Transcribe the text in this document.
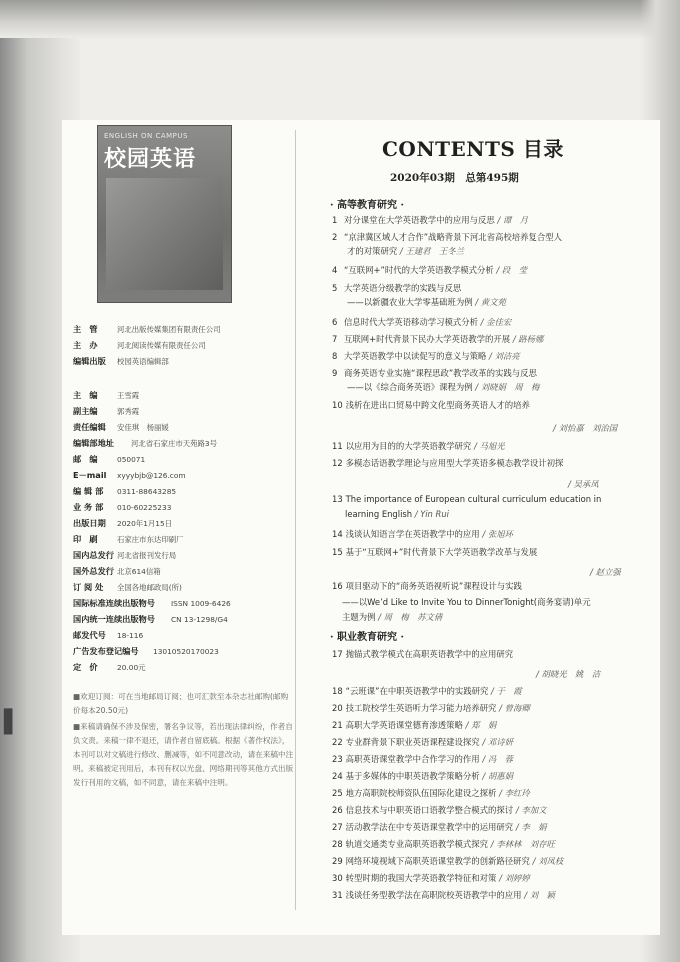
▌
ENGLISH ON CAMPUS
校园英语
主　管	河北出版传媒集团有限责任公司
主　办	河北阅读传媒有限责任公司
编辑出版 校园英语编辑部
主　编	王雪霞
副主编	郭秀霞
责任编辑 安佳琪　杨丽媛
编辑部地址 河北省石家庄市天苑路3号
邮　编	050071
E－mail xyyybjb@126.com
编 辑 部 0311-88643285
业 务 部 010-60225233
出版日期 2020年1月15日
印　刷	石家庄市东达印刷厂
国内总发行 河北省报刊发行局
国外总发行 北京614信箱
订 阅 处 全国各地邮政局(所)
国际标准连续出版物号 ISSN 1009-6426
国内统一连续出版物号 CN 13-1298/G4
邮发代号 18-116
广告发布登记编号 13010520170023
定　价	20.00元

■欢迎订阅：可在当地邮局订阅；也可汇款至本杂志社邮购(邮购价每本20.50元)

■来稿请确保不涉及保密，署名争议等，若出现法律纠纷，作者自负文责。来稿一律不退还，请作者自留底稿。根据《著作权法》，本刊可以对文稿进行修改、删减等，如不同意改动，请在来稿中注明。来稿被定刊用后，本刊有权以光盘、网络期刊等其他方式出版发行刊用的文稿，如不同意，请在来稿中注明。

CONTENTS 目录
2020年03期　总第495期
· 高等教育研究 ·
1 对分课堂在大学英语教学中的应用与反思 / 谭　月
2 “京津冀区域人才合作”战略背景下河北省高校培养复合型人
才的对策研究 / 王建君　王冬兰
4 “互联网+”时代的大学英语教学模式分析 / 段　莹
5 大学英语分级教学的实践与反思
——以新疆农业大学零基础班为例 / 黄文苑
6 信息时代大学英语移动学习模式分析 / 金佳宏
7 互联网+时代背景下民办大学英语教学的开展 / 路杨娜
8 大学英语教学中以读促写的意义与策略 / 刘洁亮
9 商务英语专业实施“课程思政”教学改革的实践与反思
——以《综合商务英语》课程为例 / 刘晓娟　周　梅
10 浅析在进出口贸易中跨文化型商务英语人才的培养
/ 刘怡嘉　刘治国
11 以应用为目的的大学英语教学研究 / 马旭光
12 多模态话语教学理论与应用型大学英语多模态教学设计初探
/ 吴承凤
13 The importance of European cultural curriculum education in
learning English / Yin Rui
14 浅谈认知语言学在英语教学中的应用 / 张旭环
15 基于“互联网+”时代背景下大学英语教学改革与发展
/ 赵立强
16 项目驱动下的“商务英语视听说”课程设计与实践
——以We’d Like to Invite You to DinnerTonight(商务宴请)单元
主题为例 / 周　梅　苏文倩
· 职业教育研究 ·
17 抛锚式教学模式在高职英语教学中的应用研究
/ 胡晓光　姚　洁
18 “云班课”在中职英语教学中的实践研究 / 于　霞
20 技工院校学生英语听力学习能力培养研究 / 曾海卿
21 高职大学英语课堂德育渗透策略 / 郑　娟
22 专业群背景下职业英语课程建设探究 / 邓诗妍
23 高职英语课堂教学中合作学习的作用 / 冯　蓉
24 基于多媒体的中职英语教学策略分析 / 胡惠娟
25 地方高职院校师资队伍国际化建设之探析 / 李红玲
26 信息技术与中职英语口语教学整合模式的探讨 / 李加文
27 活动教学法在中专英语课堂教学中的运用研究 / 李　娟
28 轨道交通类专业高职英语教学模式探究 / 李林林　刘存旺
29 网络环境视域下高职英语课堂教学的创新路径研究 / 刘凤枝
30 转型时期的我国大学英语教学特征和对策 / 刘婷婷
31 浅谈任务型教学法在高职院校英语教学中的应用 / 刘　颖
